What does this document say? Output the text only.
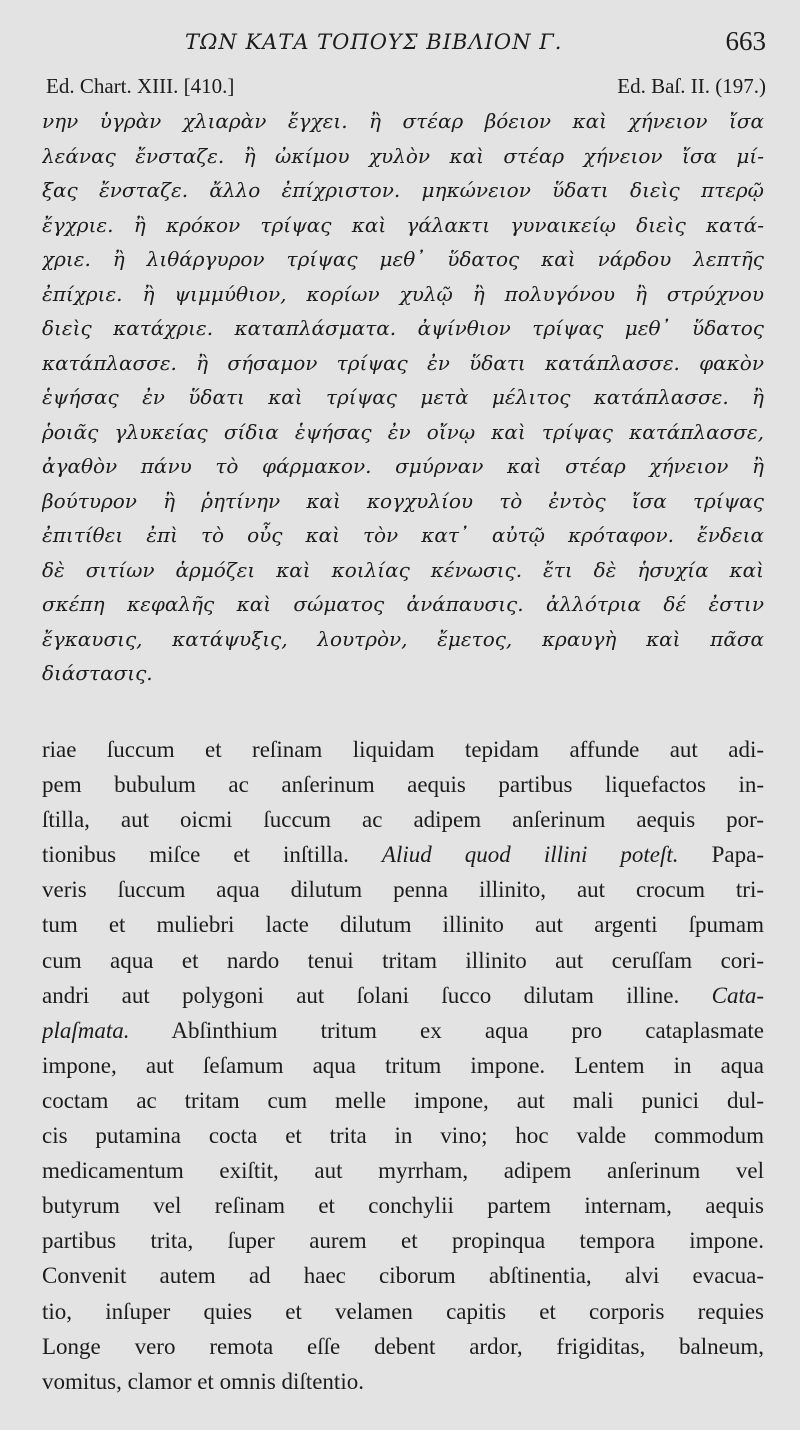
ΤΩΝ ΚΑΤΑ ΤΟΠΟΥΣ ΒΙΒΛΙΟΝ Γ.	663
Ed. Chart. XIII. [410.]	Ed. Baſ. II. (197.)
νην ὑγρὰν χλιαρὰν ἔγχει. ἢ στέαρ βόειον καὶ χήνειον ἴσα
λεάνας ἔνσταζε. ἢ ὠκίμου χυλὸν καὶ στέαρ χήνειον ἴσα μί-
ξας ἔνσταζε. ἄλλο ἐπίχριστον. μηκώνειον ὕδατι διεὶς πτερῷ
ἔγχριε. ἢ κρόκον τρίψας καὶ γάλακτι γυναικείῳ διεὶς κατά-
χριε. ἢ λιθάργυρον τρίψας μεθ᾽ ὕδατος καὶ νάρδου λεπτῆς
ἐπίχριε. ἢ ψιμμύθιον, κορίων χυλῷ ἢ πολυγόνου ἢ στρύχνου
διεὶς κατάχριε. καταπλάσματα. ἀψίνθιον τρίψας μεθ᾽ ὕδατος
κατάπλασσε. ἢ σήσαμον τρίψας ἐν ὕδατι κατάπλασσε. φακὸν
ἑψήσας ἐν ὕδατι καὶ τρίψας μετὰ μέλιτος κατάπλασσε. ἢ
ῥοιᾶς γλυκείας σίδια ἑψήσας ἐν οἴνῳ καὶ τρίψας κατάπλασσε,
ἀγαθὸν πάνυ τὸ φάρμακον. σμύρναν καὶ στέαρ χήνειον ἢ
βούτυρον ἢ ῥητίνην καὶ κογχυλίου τὸ ἐντὸς ἴσα τρίψας
ἐπιτίθει ἐπὶ τὸ οὖς καὶ τὸν κατ᾽ αὐτῷ κρόταφον. ἔνδεια
δὲ σιτίων ἁρμόζει καὶ κοιλίας κένωσις. ἔτι δὲ ἡσυχία καὶ
σκέπη κεφαλῆς καὶ σώματος ἀνάπαυσις. ἀλλότρια δέ ἐστιν
ἔγκαυσις, κατάψυξις, λουτρὸν, ἔμετος, κραυγὴ καὶ πᾶσα
διάστασις.
riae ſuccum et reſinam liquidam tepidam affunde aut adi-
pem bubulum ac anſerinum aequis partibus liquefactos in-
ſtilla, aut oicmi ſuccum ac adipem anſerinum aequis por-
tionibus miſce et inſtilla. Aliud quod illini poteſt. Papa-
veris ſuccum aqua dilutum penna illinito, aut crocum tri-
tum et muliebri lacte dilutum illinito aut argenti ſpumam
cum aqua et nardo tenui tritam illinito aut ceruſſam cori-
andri aut polygoni aut ſolani ſucco dilutam illine. Cata-
plaſmata. Abſinthium tritum ex aqua pro cataplasmate
impone, aut ſeſamum aqua tritum impone. Lentem in aqua
coctam ac tritam cum melle impone, aut mali punici dul-
cis putamina cocta et trita in vino; hoc valde commodum
medicamentum exiſtit, aut myrrham, adipem anſerinum vel
butyrum vel reſinam et conchylii partem internam, aequis
partibus trita, ſuper aurem et propinqua tempora impone.
Convenit autem ad haec ciborum abſtinentia, alvi evacua-
tio, inſuper quies et velamen capitis et corporis requies
Longe vero remota eſſe debent ardor, frigiditas, balneum,
vomitus, clamor et omnis diſtentio.
